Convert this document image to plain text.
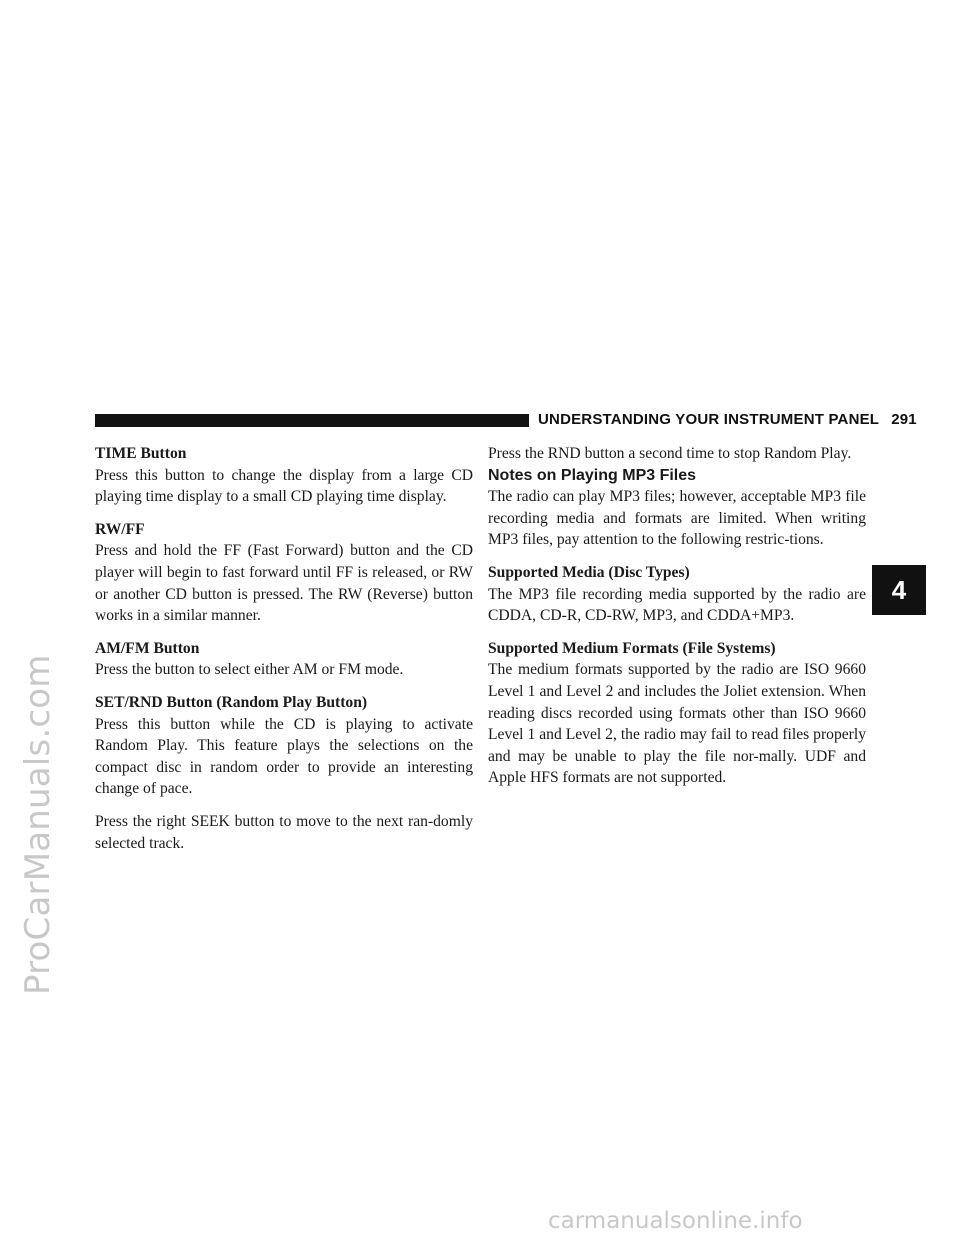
ProCarManuals.com
UNDERSTANDING YOUR INSTRUMENT PANEL 291
4

TIME Button

Press this button to change the display from a large CD playing time display to a small CD playing time display.

RW/FF

Press and hold the FF (Fast Forward) button and the CD player will begin to fast forward until FF is released, or RW or another CD button is pressed. The RW (Reverse) button works in a similar manner.

AM/FM Button

Press the button to select either AM or FM mode.

SET/RND Button (Random Play Button)

Press this button while the CD is playing to activate Random Play. This feature plays the selections on the compact disc in random order to provide an interesting change of pace.

Press the right SEEK button to move to the next ran-domly selected track.

Press the RND button a second time to stop Random Play.

Notes on Playing MP3 Files

The radio can play MP3 files; however, acceptable MP3 file recording media and formats are limited. When writing MP3 files, pay attention to the following restric-tions.

Supported Media (Disc Types)

The MP3 file recording media supported by the radio are CDDA, CD-R, CD-RW, MP3, and CDDA+MP3.

Supported Medium Formats (File Systems)

The medium formats supported by the radio are ISO 9660 Level 1 and Level 2 and includes the Joliet extension. When reading discs recorded using formats other than ISO 9660 Level 1 and Level 2, the radio may fail to read files properly and may be unable to play the file nor-mally. UDF and Apple HFS formats are not supported.

carmanualsonline.info
